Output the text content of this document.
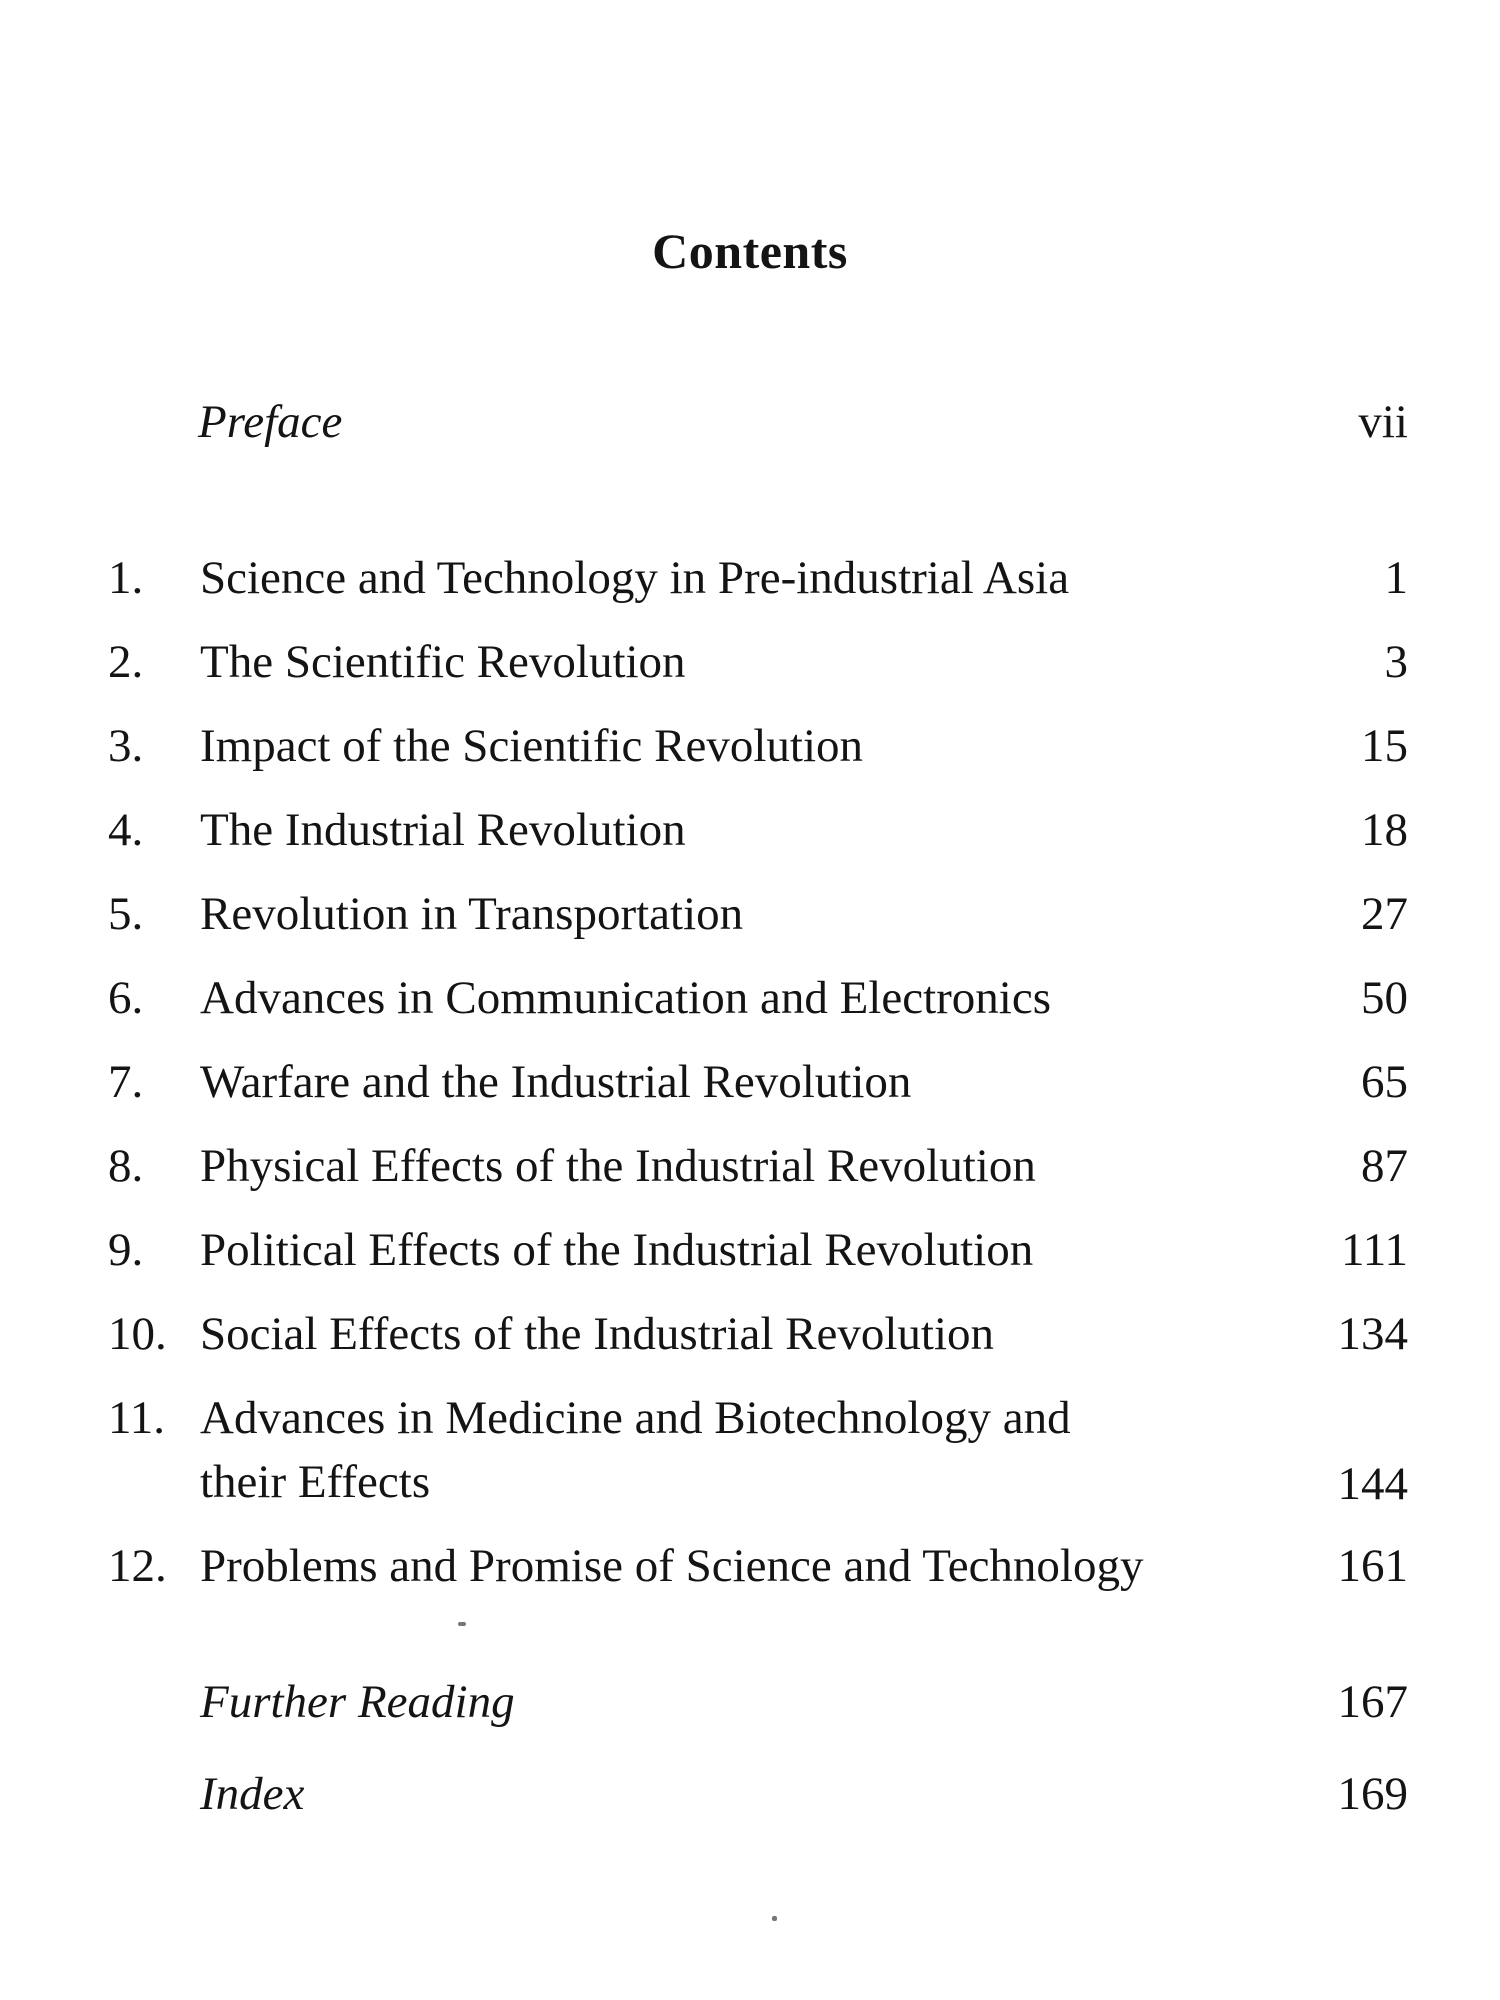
Contents
Preface	vii
1. Science and Technology in Pre-industrial Asia	1
2. The Scientific Revolution	3
3. Impact of the Scientific Revolution	15
4. The Industrial Revolution	18
5. Revolution in Transportation	27
6. Advances in Communication and Electronics	50
7. Warfare and the Industrial Revolution	65
8. Physical Effects of the Industrial Revolution	87
9. Political Effects of the Industrial Revolution	111
10. Social Effects of the Industrial Revolution	134
11. Advances in Medicine and Biotechnology and
their Effects	144
12. Problems and Promise of Science and Technology	161
Further Reading	167
Index	169
